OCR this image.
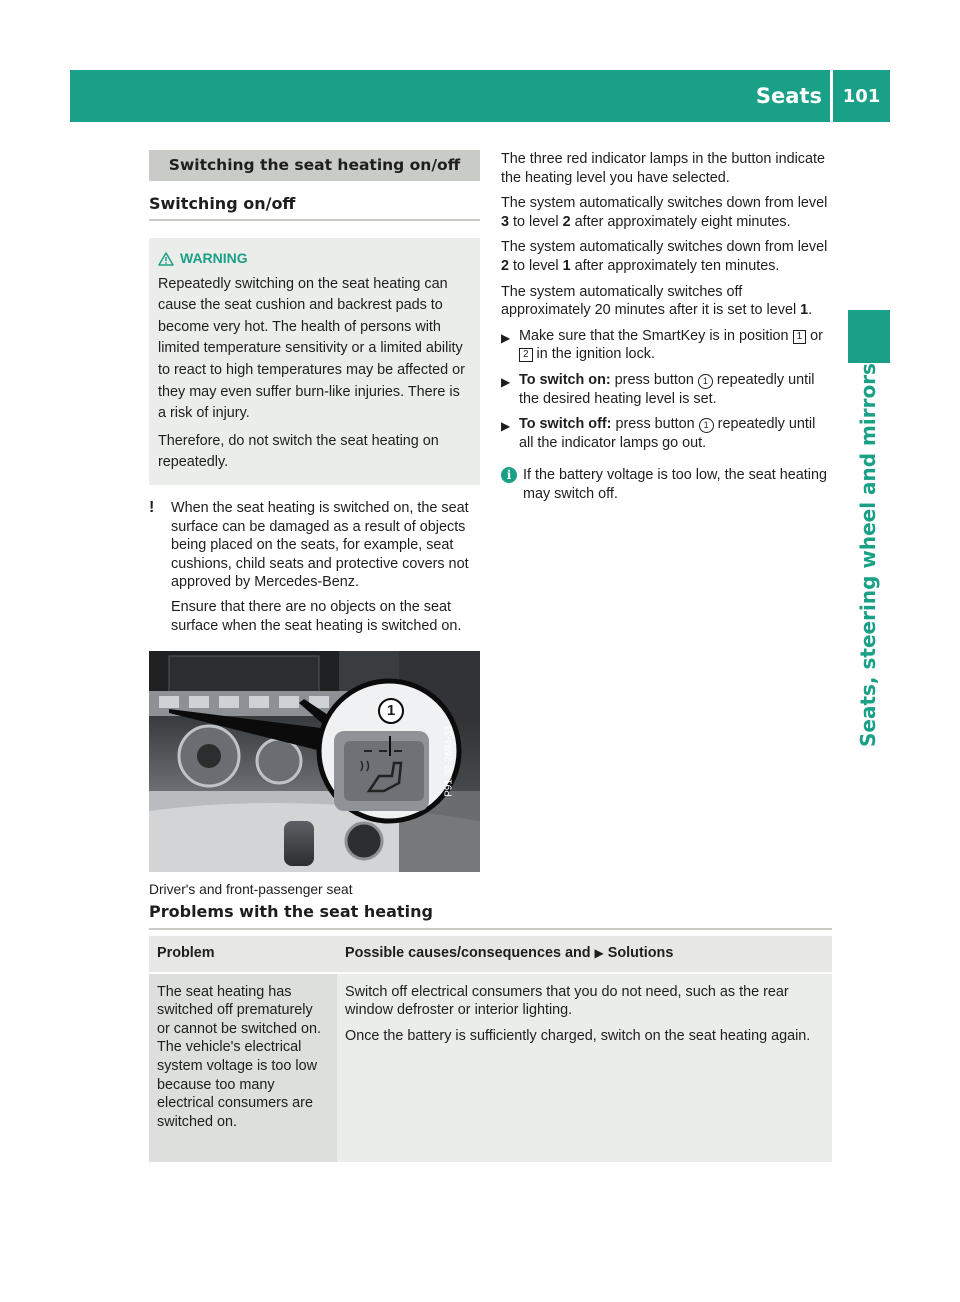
Seats	101
Seats, steering wheel and mirrors
Switching the seat heating on/off
Switching on/off
WARNING

Repeatedly switching on the seat heating can cause the seat cushion and backrest pads to become very hot. The health of persons with limited temperature sensitivity or a limited ability to react to high temperatures may be affected or they may even suffer burn-like injuries. There is a risk of injury.

Therefore, do not switch the seat heating on repeatedly.

!	When the seat heating is switched on, the seat surface can be damaged as a result of objects being placed on the seats, for example, seat cushions, child seats and protective covers not approved by Mercedes-Benz.

Ensure that there are no objects on the seat surface when the seat heating is switched on.

1
P91.30-2694-31
Driver's and front-passenger seat

The three red indicator lamps in the button indicate the heating level you have selected.

The system automatically switches down from level 3 to level 2 after approximately eight minutes.

The system automatically switches down from level 2 to level 1 after approximately ten minutes.

The system automatically switches off approximately 20 minutes after it is set to level 1.

▶ Make sure that the SmartKey is in position 1 or 2 in the ignition lock.
▶ To switch on: press button 1 repeatedly until the desired heating level is set.
▶ To switch off: press button 1 repeatedly until all the indicator lamps go out.
i If the battery voltage is too low, the seat heating may switch off.
Problems with the seat heating
Problem	Possible causes/consequences and ▶ Solutions
The seat heating has switched off prematurely or cannot be switched on. The vehicle's electrical system voltage is too low because too many electrical consumers are switched on.	Switch off electrical consumers that you do not need, such as the rear window defroster or interior lighting.

Once the battery is sufficiently charged, switch on the seat heating again.
